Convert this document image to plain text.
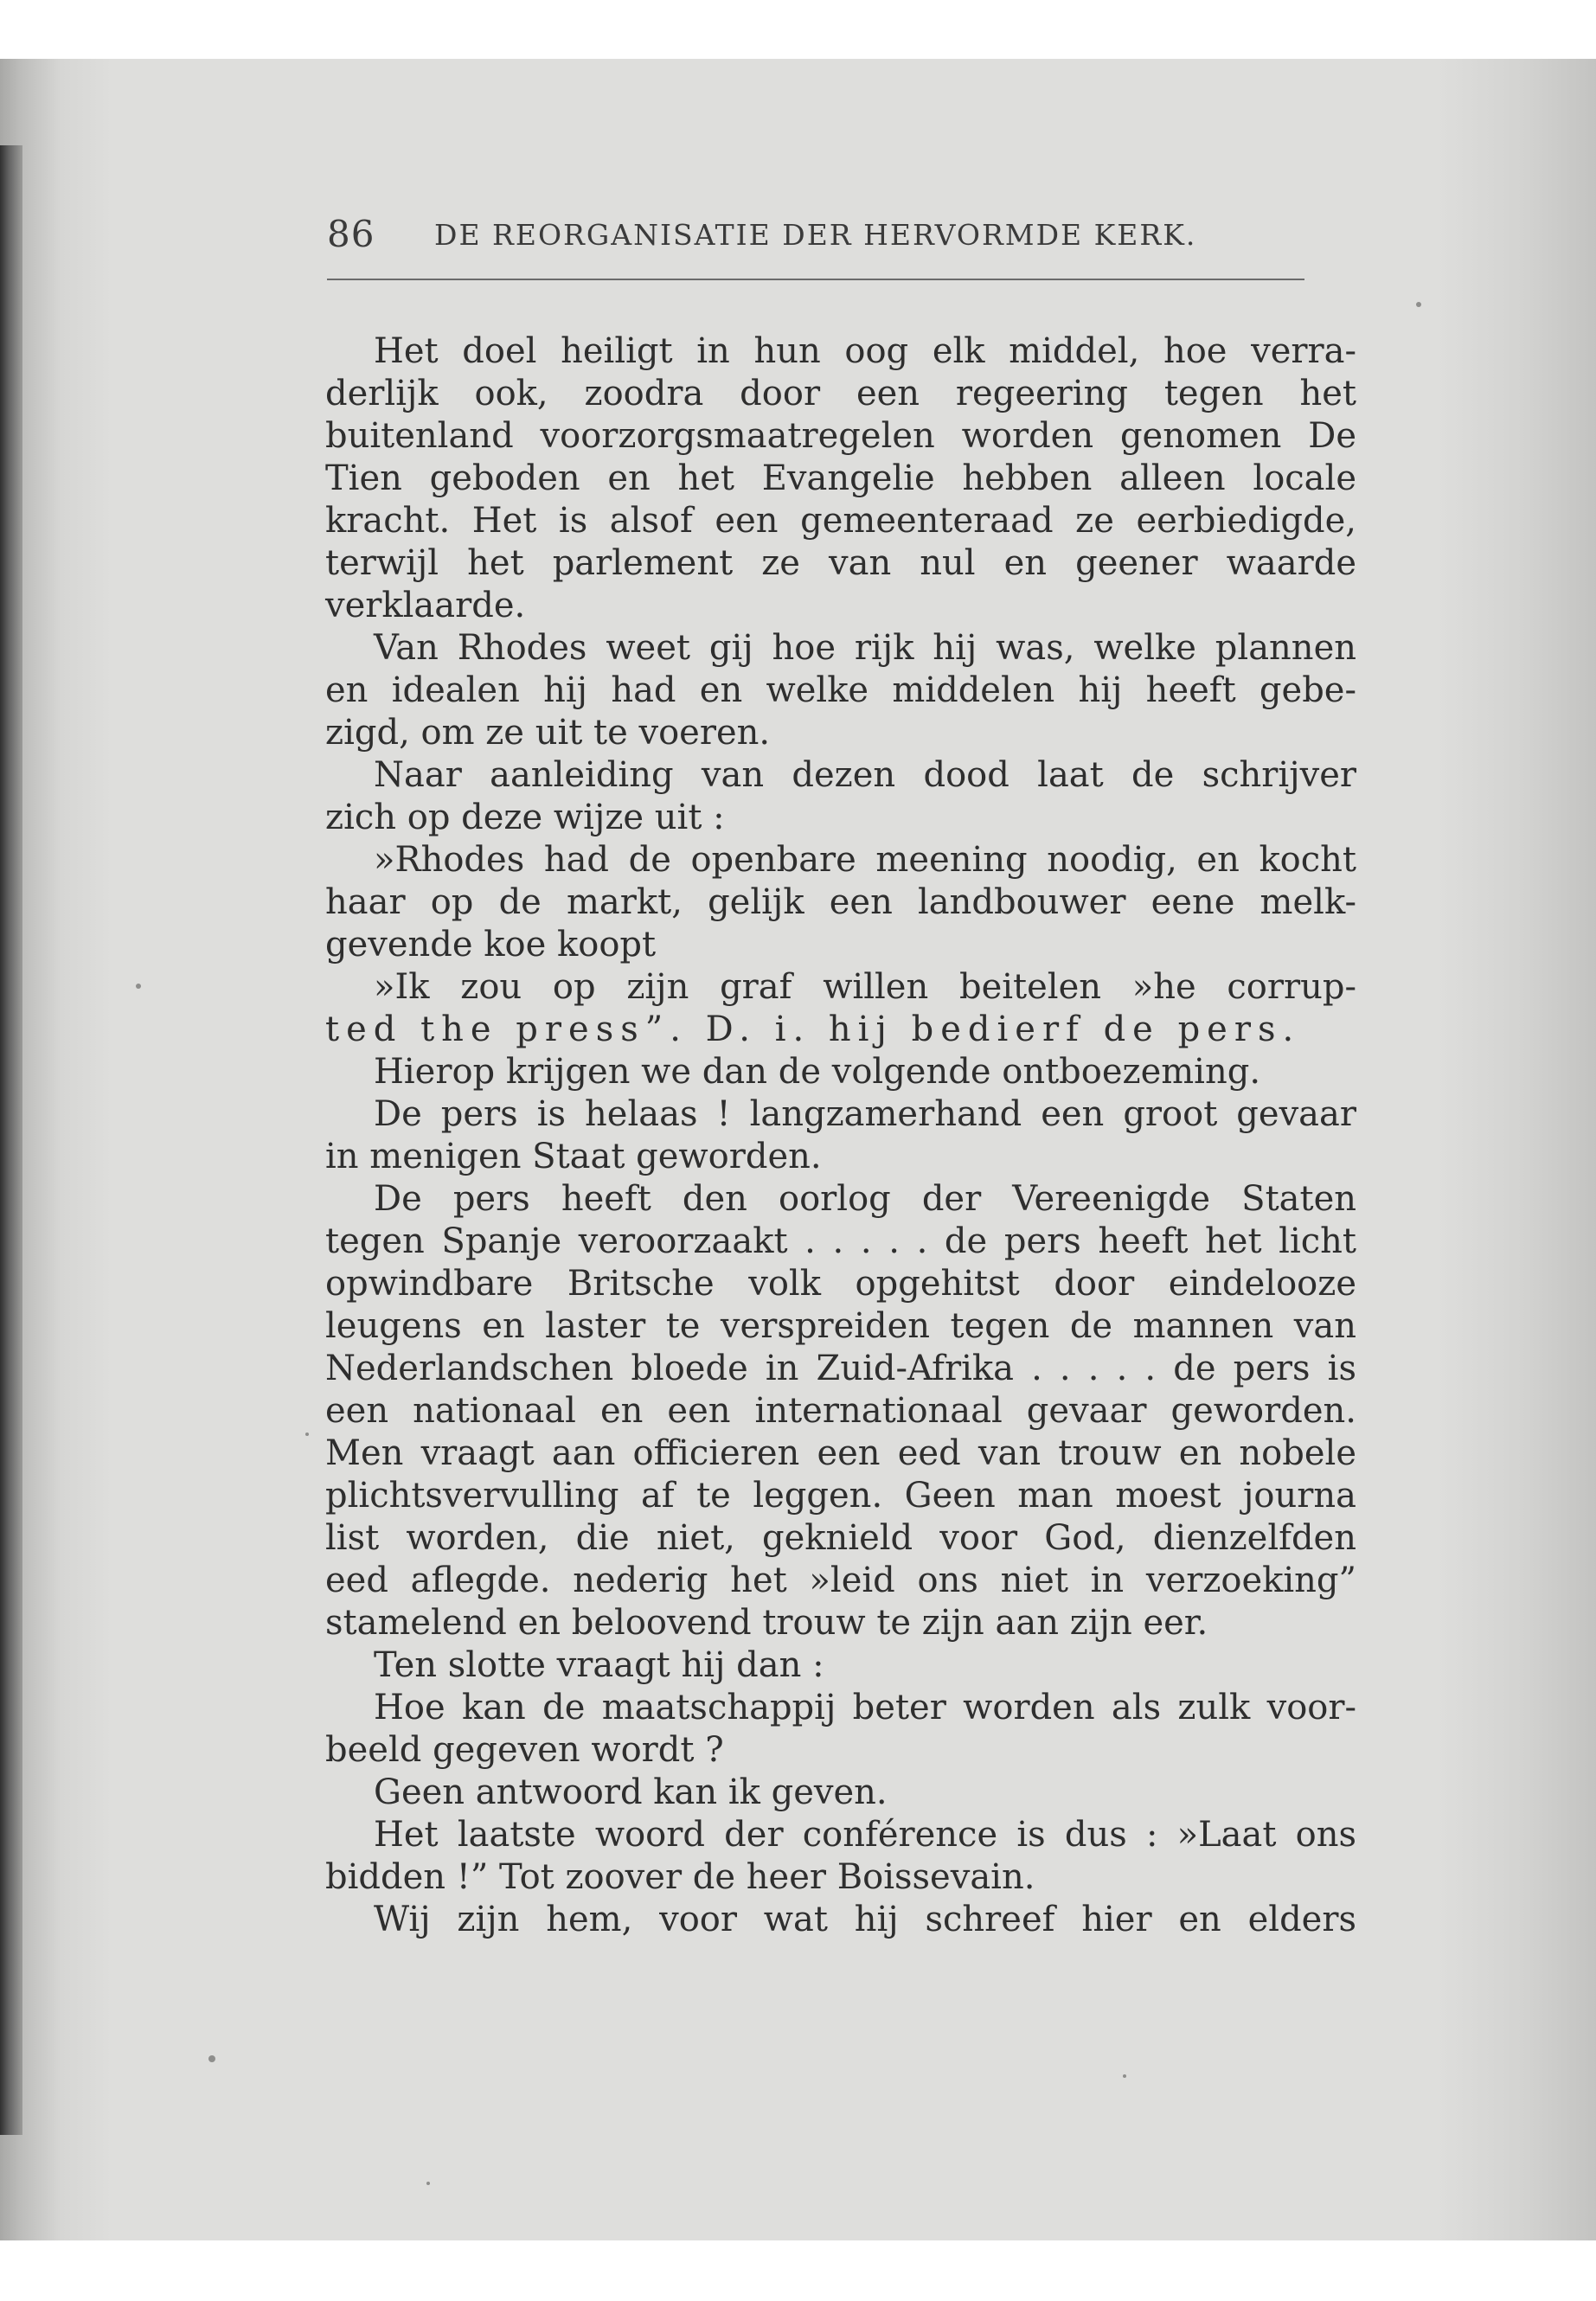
86 DE REORGANISATIE DER HERVORMDE KERK.
Het doel heiligt in hun oog elk middel, hoe verra-
derlijk ook, zoodra door een regeering tegen het
buitenland voorzorgsmaatregelen worden genomen De
Tien geboden en het Evangelie hebben alleen locale
kracht. Het is alsof een gemeenteraad ze eerbiedigde,
terwijl het parlement ze van nul en geener waarde
verklaarde.
Van Rhodes weet gij hoe rijk hij was, welke plannen
en idealen hij had en welke middelen hij heeft gebe-
zigd, om ze uit te voeren.
Naar aanleiding van dezen dood laat de schrijver
zich op deze wijze uit :
»Rhodes had de openbare meening noodig, en kocht
haar op de markt, gelijk een landbouwer eene melk-
gevende koe koopt
»Ik zou op zijn graf willen beitelen »he corrup-
ted the press”. D. i. hij bedierf de pers.
Hierop krijgen we dan de volgende ontboezeming.
De pers is helaas ! langzamerhand een groot gevaar
in menigen Staat geworden.
De pers heeft den oorlog der Vereenigde Staten
tegen Spanje veroorzaakt . . . . . de pers heeft het licht
opwindbare Britsche volk opgehitst door eindelooze
leugens en laster te verspreiden tegen de mannen van
Nederlandschen bloede in Zuid-Afrika . . . . . de pers is
een nationaal en een internationaal gevaar geworden.
Men vraagt aan officieren een eed van trouw en nobele
plichtsvervulling af te leggen. Geen man moest journa
list worden, die niet, geknield voor God, dienzelfden
eed aflegde. nederig het »leid ons niet in verzoeking”
stamelend en beloovend trouw te zijn aan zijn eer.
Ten slotte vraagt hij dan :
Hoe kan de maatschappij beter worden als zulk voor-
beeld gegeven wordt ?
Geen antwoord kan ik geven.
Het laatste woord der conférence is dus : »Laat ons
bidden !” Tot zoover de heer Boissevain.
Wij zijn hem, voor wat hij schreef hier en elders
